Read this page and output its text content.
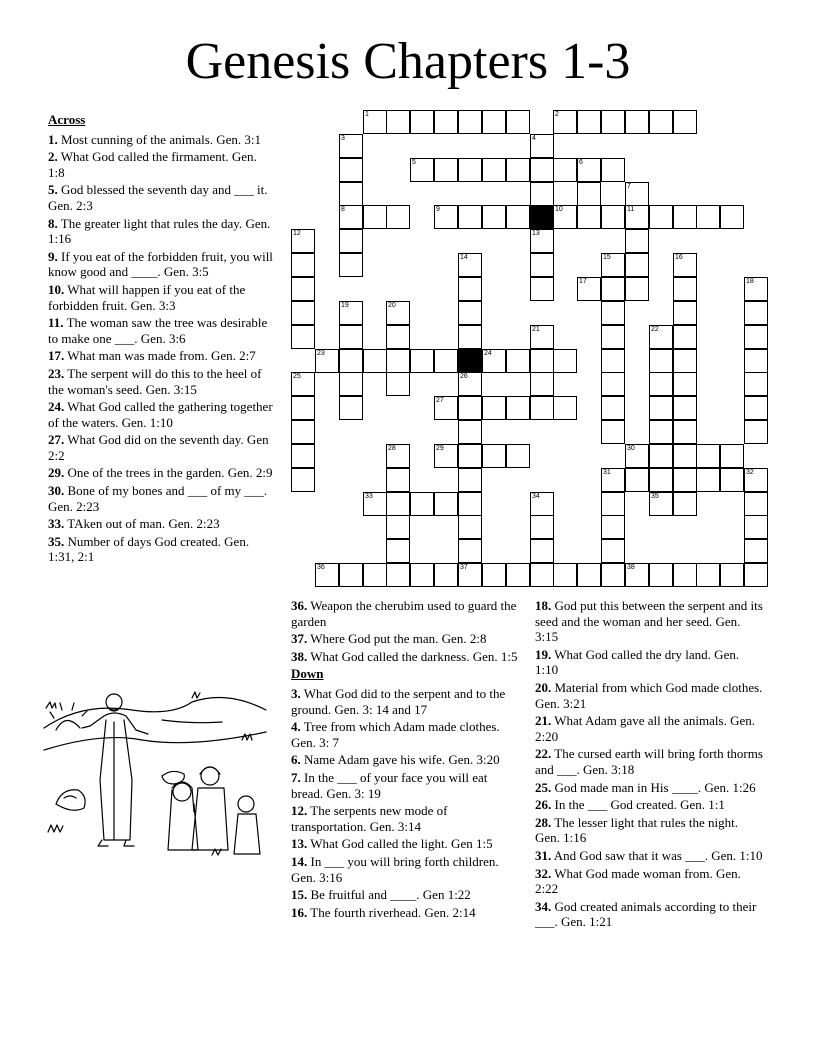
Genesis Chapters 1-3
Across
1. Most cunning of the animals. Gen. 3:1
2. What God called the firmament. Gen. 1:8
5. God blessed the seventh day and ___ it. Gen. 2:3
8. The greater light that rules the day. Gen. 1:16
9. If you eat of the forbidden fruit, you will know good and ____. Gen. 3:5
10. What will happen if you eat of the forbidden fruit. Gen. 3:3
11. The woman saw the tree was desirable to make one ___. Gen. 3:6
17. What man was made from. Gen. 2:7
23. The serpent will do this to the heel of the woman's seed. Gen. 3:15
24. What God called the gathering together of the waters. Gen. 1:10
27. What God did on the seventh day. Gen 2:2
29. One of the trees in the garden. Gen. 2:9
30. Bone of my bones and ___ of my ___. Gen. 2:23
33. TAken out of man. Gen. 2:23
35. Number of days God created. Gen. 1:31, 2:1
36. Weapon the cherubim used to guard the garden
37. Where God put the man. Gen. 2:8
38. What God called the darkness. Gen. 1:5
Down
3. What God did to the serpent and to the ground. Gen. 3: 14 and 17
4. Tree from which Adam made clothes. Gen. 3: 7
6. Name Adam gave his wife. Gen. 3:20
7. In the ___ of your face you will eat bread. Gen. 3: 19
12. The serpents new mode of transportation. Gen. 3:14
13. What God called the light. Gen 1:5
14. In ___ you will bring forth children. Gen. 3:16
15. Be fruitful and ____. Gen 1:22
16. The fourth riverhead. Gen. 2:14
18. God put this between the serpent and its seed and the woman and her seed. Gen. 3:15
19. What God called the dry land. Gen. 1:10
20. Material from which God made clothes. Gen. 3:21
21. What Adam gave all the animals. Gen. 2:20
22. The cursed earth will bring forth thorms and ___. Gen. 3:18
25. God made man in His ____. Gen. 1:26
26. In the ___ God created. Gen. 1:1
28. The lesser light that rules the night. Gen. 1:16
31. And God saw that it was ___. Gen. 1:10
32. What God made woman from. Gen. 2:22
34. God created animals according to their ___. Gen. 1:21
1	2
3	4
5	6
7
8	9	10	11
12	13
14	15	16
17	18
19	20
21	22
23	24
25	26
27
28	29	30
31	32
33	34	35
36	37	38
